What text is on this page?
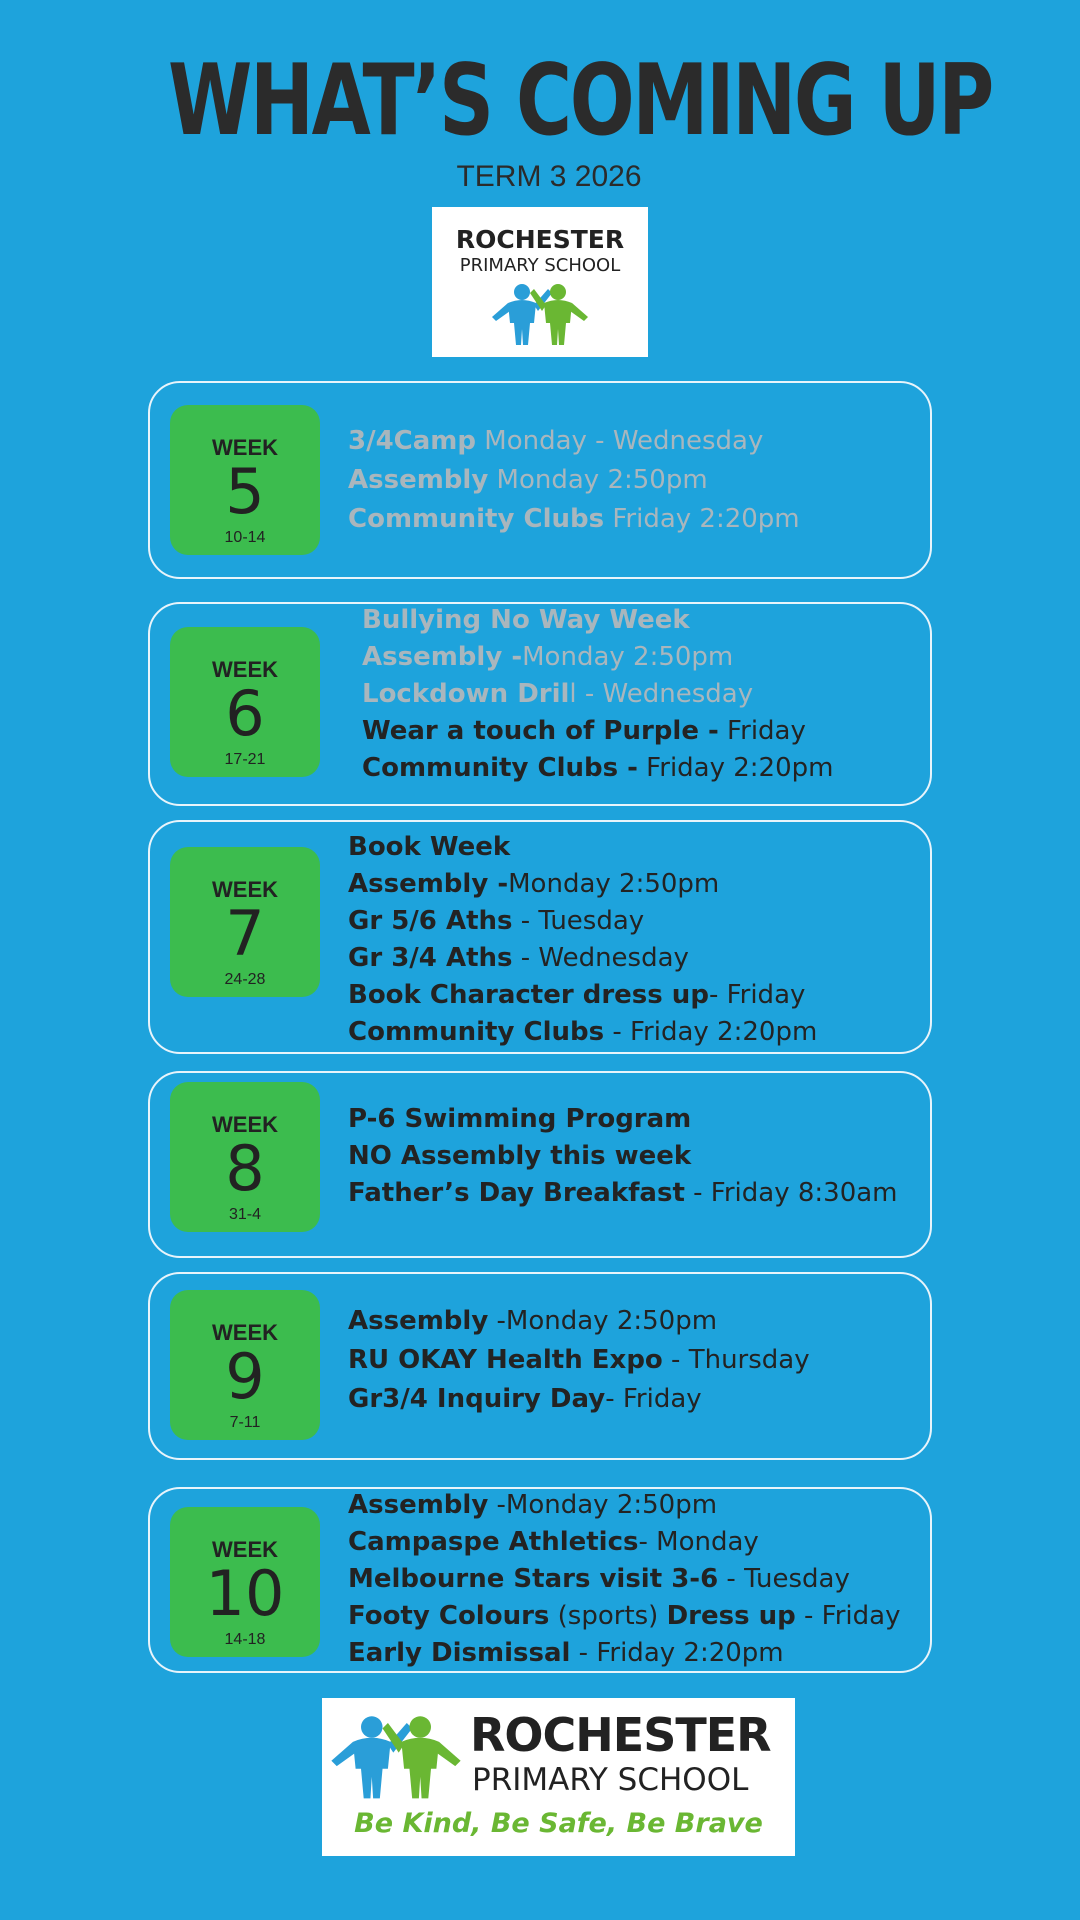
WHAT’S COMING UP
TERM 3 2026
ROCHESTER
PRIMARY SCHOOL
WEEK
5
10-14
3/4Camp Monday - Wednesday
Assembly Monday 2:50pm
Community Clubs Friday 2:20pm
WEEK
6
17-21
Bullying No Way Week
Assembly -Monday 2:50pm
Lockdown Drill - Wednesday
Wear a touch of Purple - Friday
Community Clubs - Friday 2:20pm
WEEK
7
24-28
Book Week
Assembly -Monday 2:50pm
Gr 5/6 Aths - Tuesday
Gr 3/4 Aths - Wednesday
Book Character dress up- Friday
Community Clubs - Friday 2:20pm
WEEK
8
31-4
P-6 Swimming Program
NO Assembly this week
Father’s Day Breakfast - Friday 8:30am
WEEK
9
7-11
Assembly -Monday 2:50pm
RU OKAY Health Expo - Thursday
Gr3/4 Inquiry Day- Friday
WEEK
10
14-18
Assembly -Monday 2:50pm
Campaspe Athletics- Monday
Melbourne Stars visit 3-6 - Tuesday
Footy Colours (sports) Dress up - Friday
Early Dismissal - Friday 2:20pm
ROCHESTER
PRIMARY SCHOOL
Be Kind, Be Safe, Be Brave
